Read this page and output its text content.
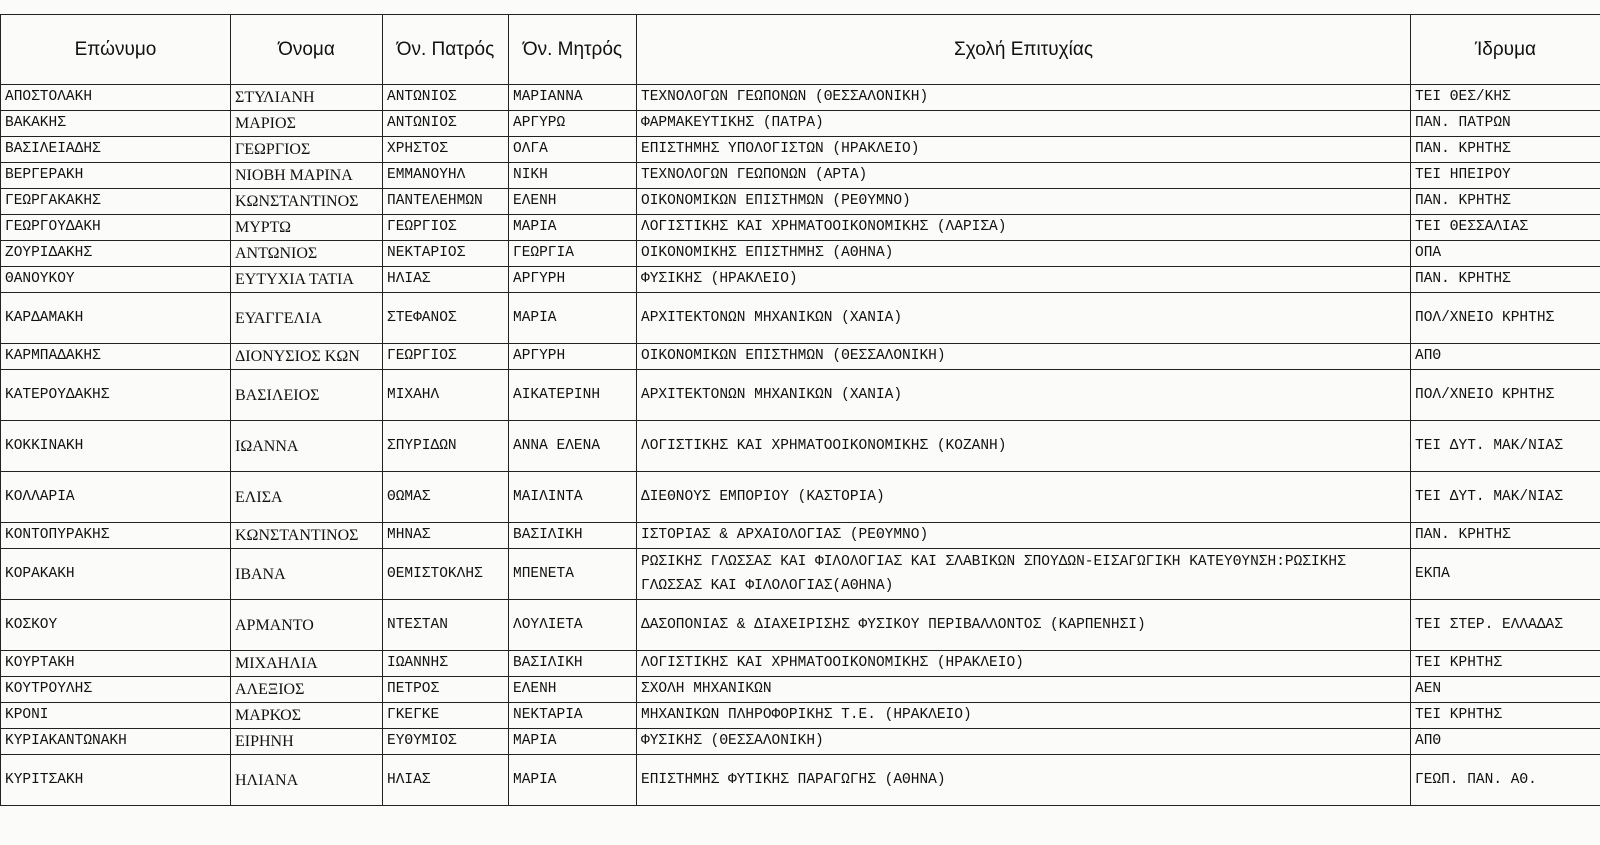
Επώνυμο	Όνομα	Όν. Πατρός	Όν. Μητρός	Σχολή Επιτυχίας	Ίδρυμα
ΑΠΟΣΤΟΛΑΚΗ	ΣΤΥΛΙΑΝΗ	ΑΝΤΩΝΙΟΣ	ΜΑΡΙΑΝΝΑ	ΤΕΧΝΟΛΟΓΩΝ ΓΕΩΠΟΝΩΝ (ΘΕΣΣΑΛΟΝΙΚΗ)	ΤΕΙ ΘΕΣ/ΚΗΣ
ΒΑΚΑΚΗΣ	ΜΑΡΙΟΣ	ΑΝΤΩΝΙΟΣ	ΑΡΓΥΡΩ	ΦΑΡΜΑΚΕΥΤΙΚΗΣ (ΠΑΤΡΑ)	ΠΑΝ. ΠΑΤΡΩΝ
ΒΑΣΙΛΕΙΑΔΗΣ	ΓΕΩΡΓΙΟΣ	ΧΡΗΣΤΟΣ	ΟΛΓΑ	ΕΠΙΣΤΗΜΗΣ ΥΠΟΛΟΓΙΣΤΩΝ (ΗΡΑΚΛΕΙΟ)	ΠΑΝ. ΚΡΗΤΗΣ
ΒΕΡΓΕΡΑΚΗ	ΝΙΟΒΗ ΜΑΡΙΝΑ	ΕΜΜΑΝΟΥΗΛ	ΝΙΚΗ	ΤΕΧΝΟΛΟΓΩΝ ΓΕΩΠΟΝΩΝ (ΑΡΤΑ)	ΤΕΙ ΗΠΕΙΡΟΥ
ΓΕΩΡΓΑΚΑΚΗΣ	ΚΩΝΣΤΑΝΤΙΝΟΣ	ΠΑΝΤΕΛΕΗΜΩΝ	ΕΛΕΝΗ	ΟΙΚΟΝΟΜΙΚΩΝ ΕΠΙΣΤΗΜΩΝ (ΡΕΘΥΜΝΟ)	ΠΑΝ. ΚΡΗΤΗΣ
ΓΕΩΡΓΟΥΔΑΚΗ	ΜΥΡΤΩ	ΓΕΩΡΓΙΟΣ	ΜΑΡΙΑ	ΛΟΓΙΣΤΙΚΗΣ ΚΑΙ ΧΡΗΜΑΤΟΟΙΚΟΝΟΜΙΚΗΣ (ΛΑΡΙΣΑ)	ΤΕΙ ΘΕΣΣΑΛΙΑΣ
ΖΟΥΡΙΔΑΚΗΣ	ΑΝΤΩΝΙΟΣ	ΝΕΚΤΑΡΙΟΣ	ΓΕΩΡΓΙΑ	ΟΙΚΟΝΟΜΙΚΗΣ ΕΠΙΣΤΗΜΗΣ (ΑΘΗΝΑ)	ΟΠΑ
ΘΑΝΟΥΚΟΥ	ΕΥΤΥΧΙΑ ΤΑΤΙΑ	ΗΛΙΑΣ	ΑΡΓΥΡΗ	ΦΥΣΙΚΗΣ (ΗΡΑΚΛΕΙΟ)	ΠΑΝ. ΚΡΗΤΗΣ
ΚΑΡΔΑΜΑΚΗ	ΕΥΑΓΓΕΛΙΑ	ΣΤΕΦΑΝΟΣ	ΜΑΡΙΑ	ΑΡΧΙΤΕΚΤΟΝΩΝ ΜΗΧΑΝΙΚΩΝ (ΧΑΝΙΑ)	ΠΟΛ/ΧΝΕΙΟ ΚΡΗΤΗΣ
ΚΑΡΜΠΑΔΑΚΗΣ	ΔΙΟΝΥΣΙΟΣ ΚΩΝ	ΓΕΩΡΓΙΟΣ	ΑΡΓΥΡΗ	ΟΙΚΟΝΟΜΙΚΩΝ ΕΠΙΣΤΗΜΩΝ (ΘΕΣΣΑΛΟΝΙΚΗ)	ΑΠΘ
ΚΑΤΕΡΟΥΔΑΚΗΣ	ΒΑΣΙΛΕΙΟΣ	ΜΙΧΑΗΛ	ΑΙΚΑΤΕΡΙΝΗ	ΑΡΧΙΤΕΚΤΟΝΩΝ ΜΗΧΑΝΙΚΩΝ (ΧΑΝΙΑ)	ΠΟΛ/ΧΝΕΙΟ ΚΡΗΤΗΣ
ΚΟΚΚΙΝΑΚΗ	ΙΩΑΝΝΑ	ΣΠΥΡΙΔΩΝ	ΑΝΝΑ ΕΛΕΝΑ	ΛΟΓΙΣΤΙΚΗΣ ΚΑΙ ΧΡΗΜΑΤΟΟΙΚΟΝΟΜΙΚΗΣ (ΚΟΖΑΝΗ)	ΤΕΙ ΔΥΤ. ΜΑΚ/ΝΙΑΣ
ΚΟΛΛΑΡΙΑ	ΕΛΙΣΑ	ΘΩΜΑΣ	ΜΑΙΛΙΝΤΑ	ΔΙΕΘΝΟΥΣ ΕΜΠΟΡΙΟΥ (ΚΑΣΤΟΡΙΑ)	ΤΕΙ ΔΥΤ. ΜΑΚ/ΝΙΑΣ
ΚΟΝΤΟΠΥΡΑΚΗΣ	ΚΩΝΣΤΑΝΤΙΝΟΣ	ΜΗΝΑΣ	ΒΑΣΙΛΙΚΗ	ΙΣΤΟΡΙΑΣ & ΑΡΧΑΙΟΛΟΓΙΑΣ (ΡΕΘΥΜΝΟ)	ΠΑΝ. ΚΡΗΤΗΣ
ΚΟΡΑΚΑΚΗ	ΙΒΑΝΑ	ΘΕΜΙΣΤΟΚΛΗΣ	ΜΠΕΝΕΤΑ	ΡΩΣΙΚΗΣ ΓΛΩΣΣΑΣ ΚΑΙ ΦΙΛΟΛΟΓΙΑΣ ΚΑΙ ΣΛΑΒΙΚΩΝ ΣΠΟΥΔΩΝ-ΕΙΣΑΓΩΓΙΚΗ ΚΑΤΕΥΘΥΝΣΗ:ΡΩΣΙΚΗΣ ΓΛΩΣΣΑΣ ΚΑΙ ΦΙΛΟΛΟΓΙΑΣ(ΑΘΗΝΑ)	ΕΚΠΑ
ΚΟΣΚΟΥ	ΑΡΜΑΝΤΟ	ΝΤΕΣΤΑΝ	ΛΟΥΛΙΕΤΑ	ΔΑΣΟΠΟΝΙΑΣ & ΔΙΑΧΕΙΡΙΣΗΣ ΦΥΣΙΚΟΥ ΠΕΡΙΒΑΛΛΟΝΤΟΣ (ΚΑΡΠΕΝΗΣΙ)	ΤΕΙ ΣΤΕΡ. ΕΛΛΑΔΑΣ
ΚΟΥΡΤΑΚΗ	ΜΙΧΑΗΛΙΑ	ΙΩΑΝΝΗΣ	ΒΑΣΙΛΙΚΗ	ΛΟΓΙΣΤΙΚΗΣ ΚΑΙ ΧΡΗΜΑΤΟΟΙΚΟΝΟΜΙΚΗΣ (ΗΡΑΚΛΕΙΟ)	ΤΕΙ ΚΡΗΤΗΣ
ΚΟΥΤΡΟΥΛΗΣ	ΑΛΕΞΙΟΣ	ΠΕΤΡΟΣ	ΕΛΕΝΗ	ΣΧΟΛΗ ΜΗΧΑΝΙΚΩΝ	ΑΕΝ
ΚΡΟΝΙ	ΜΑΡΚΟΣ	ΓΚΕΓΚΕ	ΝΕΚΤΑΡΙΑ	ΜΗΧΑΝΙΚΩΝ ΠΛΗΡΟΦΟΡΙΚΗΣ Τ.Ε. (ΗΡΑΚΛΕΙΟ)	ΤΕΙ ΚΡΗΤΗΣ
ΚΥΡΙΑΚΑΝΤΩΝΑΚΗ	ΕΙΡΗΝΗ	ΕΥΘΥΜΙΟΣ	ΜΑΡΙΑ	ΦΥΣΙΚΗΣ (ΘΕΣΣΑΛΟΝΙΚΗ)	ΑΠΘ
ΚΥΡΙΤΣΑΚΗ	ΗΛΙΑΝΑ	ΗΛΙΑΣ	ΜΑΡΙΑ	ΕΠΙΣΤΗΜΗΣ ΦΥΤΙΚΗΣ ΠΑΡΑΓΩΓΗΣ (ΑΘΗΝΑ)	ΓΕΩΠ. ΠΑΝ. ΑΘ.
